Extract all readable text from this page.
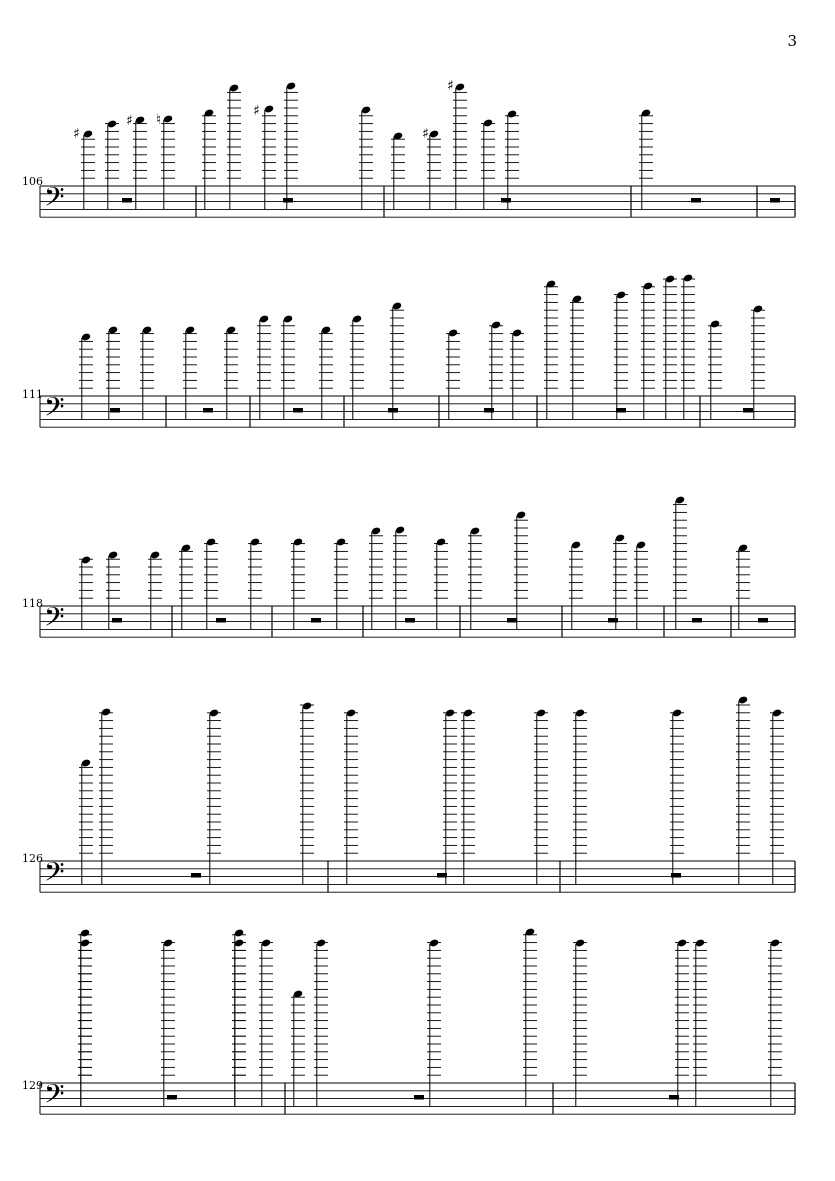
3
106
111
118
126
129
𝄢
♯
♯
♯
♯
♯
♮
𝄢
𝄢
𝄢
𝄢
